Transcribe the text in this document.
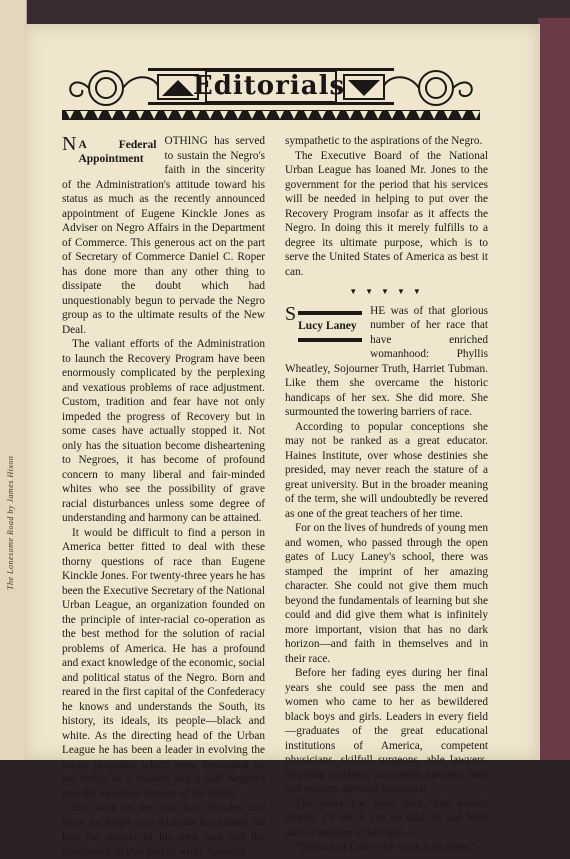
The Lonesome Road by James Hixon
Editorials

N A Federal Appointment
OTHING has served to sustain the Negro's faith in the sincerity of the Administration's attitude toward his status as much as the recently announced appointment of Eugene Kinckle Jones as Adviser on Negro Affairs in the Department of Commerce. This generous act on the part of Secretary of Commerce Daniel C. Roper has done more than any other thing to dissipate the doubt which had unquestionably begun to pervade the Negro group as to the ultimate results of the New Deal.

The valiant efforts of the Administration to launch the Recovery Program have been enormously complicated by the perplexing and vexatious problems of race adjustment. Custom, tradition and fear have not only impeded the progress of Recovery but in some cases have actually stopped it. Not only has the situation become disheartening to Negroes, it has become of profound concern to many liberal and fair-minded whites who see the possibility of grave racial disturbances unless some degree of understanding and harmony can be attained.

It would be difficult to find a person in America better fitted to deal with these thorny questions of race than Eugene Kinckle Jones. For twenty-three years he has been the Executive Secretary of the National Urban League, an organization founded on the principle of inter-racial co-operation as the best method for the solution of racial problems of America. He has a profound and exact knowledge of the economic, social and political status of the Negro. Born and reared in the first capital of the Confederacy he knows and understands the South, its history, its ideals, its people—black and white. As the directing head of the Urban League he has been a leader in evolving the social programs which were demanded by the influx of a million and a half Negroes into the industrial centers of the North.

His work in the past two decades and more for better race relations has earned for him the respect of his own race and the confidence of that part of white America

sympathetic to the aspirations of the Negro.

The Executive Board of the National Urban League has loaned Mr. Jones to the government for the period that his services will be needed in helping to put over the Recovery Program insofar as it affects the Negro. In doing this it merely fulfills to a degree its ultimate purpose, which is to serve the United States of America as best it can.

▼ ▼ ▼ ▼ ▼

S
Lucy Laney
HE was of that glorious number of her race that have enriched womanhood: Phyllis Wheatley, Sojourner Truth, Harriet Tubman. Like them she overcame the historic handicaps of her sex. She did more. She surmounted the towering barriers of race.

According to popular conceptions she may not be ranked as a great educator. Haines Institute, over whose destinies she presided, may never reach the stature of a great university. But in the broader meaning of the term, she will undoubtedly be revered as one of the great teachers of her time.

For on the lives of hundreds of young men and women, who passed through the open gates of Lucy Laney's school, there was stamped the imprint of her amazing character. She could not give them much beyond the fundamentals of learning but she could and did give them what is infinitely more important, vision that has no dark horizon—and faith in themselves and in their race.

Before her fading eyes during her final years she could see pass the men and women who came to her as bewildered black boys and girls. Leaders in every field—graduates of the great educational institutions of America, competent physicians, skilfull surgeons, able lawyers, inspiring teachers, successful business men and women, devoted ministers!

The years had been hard. She earned respite. Of her it can be said, as has been said of another of her race—

“Servant of God—thy work well done.”
